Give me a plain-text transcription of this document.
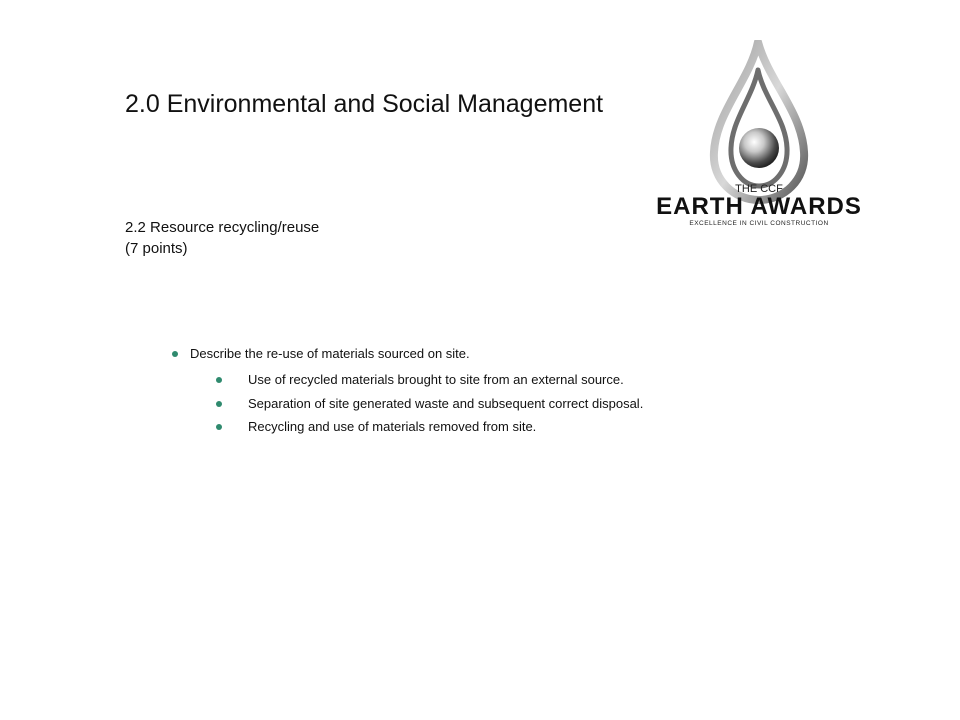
2.0 Environmental and Social Management
THE CCF
EARTH AWARDS
EXCELLENCE IN CIVIL CONSTRUCTION
2.2 Resource recycling/reuse
(7 points)
Describe the re-use of materials sourced on site.
Use of recycled materials brought to site from an external source.
Separation of site generated waste and subsequent correct disposal.
Recycling and use of materials removed from site.
